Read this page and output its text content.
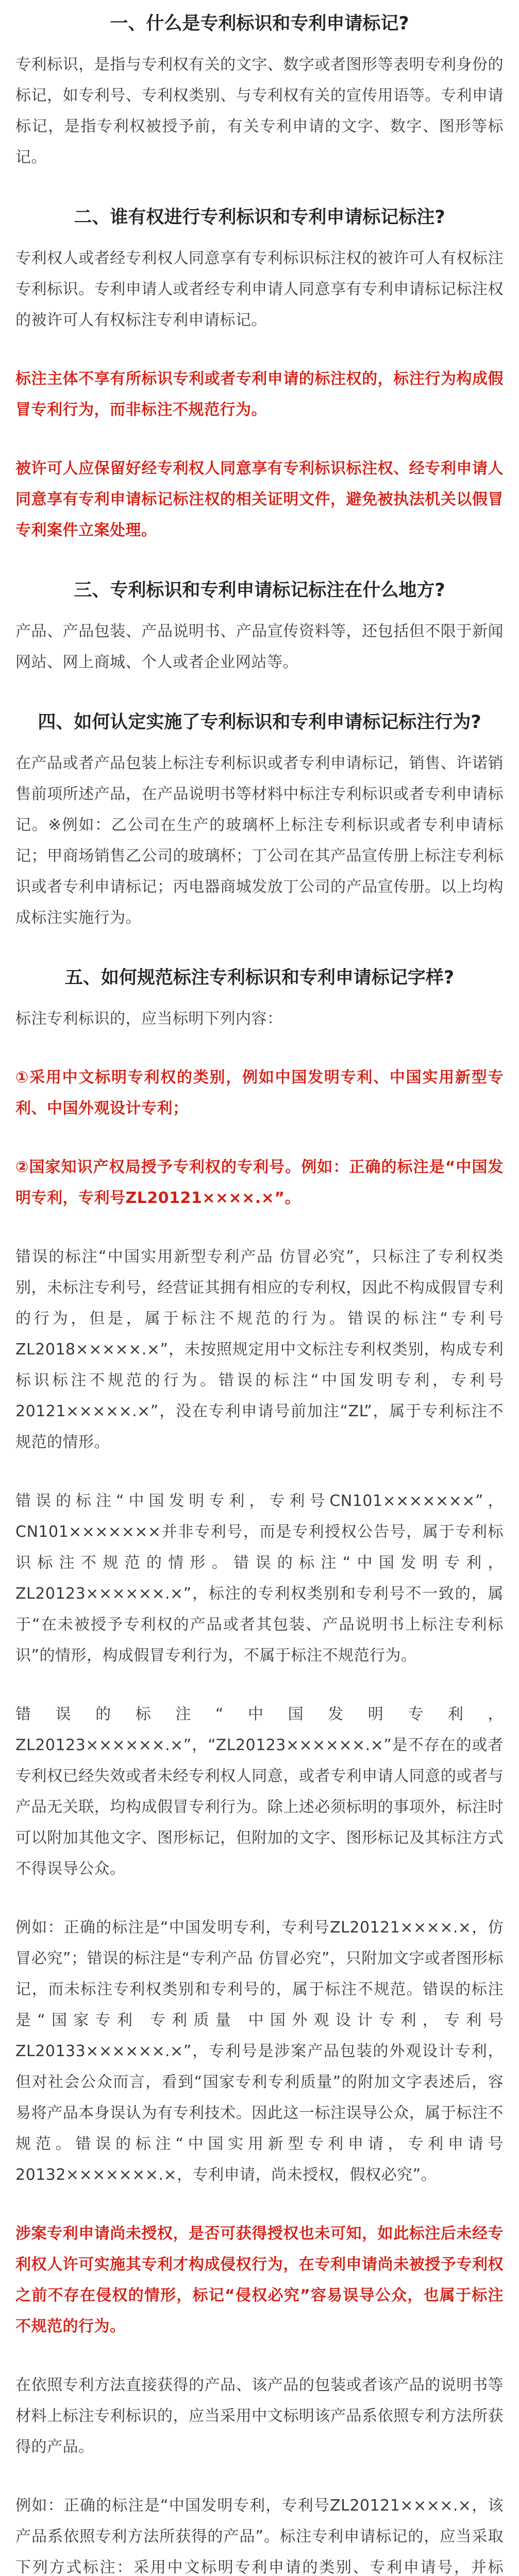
一、什么是专利标识和专利申请标记?

专利标识，是指与专利权有关的文字、数字或者图形等表明专利身份的标记，如专利号、专利权类别、与专利权有关的宣传用语等。专利申请标记，是指专利权被授予前，有关专利申请的文字、数字、图形等标记。

二、谁有权进行专利标识和专利申请标记标注?

专利权人或者经专利权人同意享有专利标识标注权的被许可人有权标注专利标识。专利申请人或者经专利申请人同意享有专利申请标记标注权的被许可人有权标注专利申请标记。

标注主体不享有所标识专利或者专利申请的标注权的，标注行为构成假冒专利行为，而非标注不规范行为。

被许可人应保留好经专利权人同意享有专利标识标注权、经专利申请人同意享有专利申请标记标注权的相关证明文件，避免被执法机关以假冒专利案件立案处理。

三、专利标识和专利申请标记标注在什么地方?

产品、产品包装、产品说明书、产品宣传资料等，还包括但不限于新闻网站、网上商城、个人或者企业网站等。

四、如何认定实施了专利标识和专利申请标记标注行为?

在产品或者产品包装上标注专利标识或者专利申请标记，销售、许诺销售前项所述产品，在产品说明书等材料中标注专利标识或者专利申请标记。※例如：乙公司在生产的玻璃杯上标注专利标识或者专利申请标记；甲商场销售乙公司的玻璃杯；丁公司在其产品宣传册上标注专利标识或者专利申请标记；丙电器商城发放丁公司的产品宣传册。以上均构成标注实施行为。

五、如何规范标注专利标识和专利申请标记字样?

标注专利标识的，应当标明下列内容：

①采用中文标明专利权的类别，例如中国发明专利、中国实用新型专利、中国外观设计专利；

②国家知识产权局授予专利权的专利号。例如：正确的标注是“中国发明专利，专利号ZL20121××××.×”。

错误的标注“中国实用新型专利产品 仿冒必究”，只标注了专利权类别，未标注专利号，经营证其拥有相应的专利权，因此不构成假冒专利的行为，但是，属于标注不规范的行为。错误的标注“专利号ZL2018×××××.×”，未按照规定用中文标注专利权类别，构成专利标识标注不规范的行为。错误的标注“中国发明专利，专利号20121×××××.×”，没在专利申请号前加注“ZL”，属于专利标注不规范的情形。

错误的标注“中国发明专利，专利号CN101×××××××”，CN101×××××××并非专利号，而是专利授权公告号，属于专利标识标注不规范的情形。错误的标注“中国发明专利，ZL20123××××××.×”，标注的专利权类别和专利号不一致的，属于“在未被授予专利权的产品或者其包装、产品说明书上标注专利标识”的情形，构成假冒专利行为，不属于标注不规范行为。

错误的标注“中国发明专利，ZL20123××××××.×”，“ZL20123××××××.×”是不存在的或者专利权已经失效或者未经专利权人同意，或者专利申请人同意的或者与产品无关联，均构成假冒专利行为。除上述必须标明的事项外，标注时可以附加其他文字、图形标记，但附加的文字、图形标记及其标注方式不得误导公众。

例如：正确的标注是“中国发明专利，专利号ZL20121××××.×，仿冒必究”；错误的标注是“专利产品 仿冒必究”，只附加文字或者图形标记，而未标注专利权类别和专利号的，属于标注不规范。错误的标注是“国家专利 专利质量 中国外观设计专利，专利号ZL20133××××××.×”，专利号是涉案产品包装的外观设计专利，但对社会公众而言，看到“国家专利专利质量”的附加文字表述后，容易将产品本身误认为有专利技术。因此这一标注误导公众，属于标注不规范。错误的标注“中国实用新型专利申请，专利申请号20132×××××××.×，专利申请，尚未授权，假权必究”。

涉案专利申请尚未授权，是否可获得授权也未可知，如此标注后未经专利权人许可实施其专利才构成侵权行为，在专利申请尚未被授予专利权之前不存在侵权的情形，标记“侵权必究”容易误导公众，也属于标注不规范的行为。

在依照专利方法直接获得的产品、该产品的包装或者该产品的说明书等材料上标注专利标识的，应当采用中文标明该产品系依照专利方法所获得的产品。

例如：正确的标注是“中国发明专利，专利号ZL20121××××.×，该产品系依照专利方法所获得的产品”。标注专利申请标记的，应当采取下列方式标注：采用中文标明专利申请的类别、专利申请号，并标
